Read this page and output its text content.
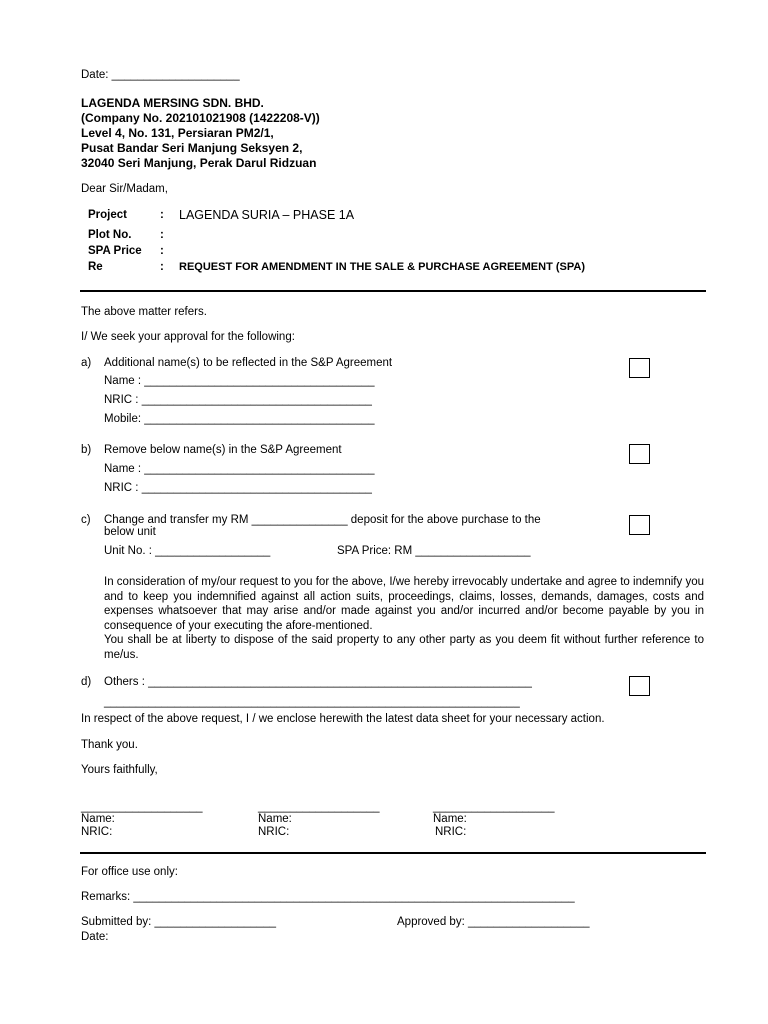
Date: ____________________
LAGENDA MERSING SDN. BHD.
(Company No. 202101021908 (1422208-V))
Level 4, No. 131, Persiaran PM2/1,
Pusat Bandar Seri Manjung Seksyen 2,
32040 Seri Manjung, Perak Darul Ridzuan
Dear Sir/Madam,
Project	: LAGENDA SURIA – PHASE 1A
Plot No. :
SPA Price :
Re	: REQUEST FOR AMENDMENT IN THE SALE & PURCHASE AGREEMENT (SPA)
The above matter refers.
I/ We seek your approval for the following:
a) Additional name(s) to be reflected in the S&P Agreement
Name : ____________________________________
NRIC : ____________________________________
Mobile: ____________________________________
b) Remove below name(s) in the S&P Agreement
Name : ____________________________________
NRIC : ____________________________________
c) Change and transfer my RM _______________ deposit for the above purchase to the
below unit
Unit No. : __________________	SPA Price: RM __________________
In consideration of my/our request to you for the above, I/we hereby irrevocably undertake and agree to indemnify you and to keep you indemnified against all action suits, proceedings, claims, losses, demands, damages, costs and expenses whatsoever that may arise and/or made against you and/or incurred and/or become payable by you in consequence of your executing the afore-mentioned.
You shall be at liberty to dispose of the said property to any other party as you deem fit without further reference to me/us.
d) Others : ____________________________________________________________
_________________________________________________________________
In respect of the above request, I / we enclose herewith the latest data sheet for your necessary action.
Thank you.
Yours faithfully,
___________________
Name:
NRIC:
___________________
Name:
NRIC:
___________________
Name:
NRIC:
For office use only:
Remarks: _____________________________________________________________________
Submitted by: ___________________	Approved by: ___________________
Date:
